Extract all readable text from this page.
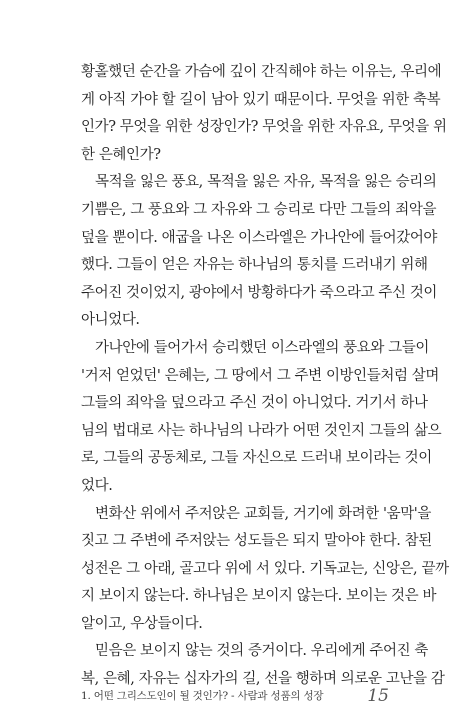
황홀했던 순간을 가슴에 깊이 간직해야 하는 이유는, 우리에
게 아직 가야 할 길이 남아 있기 때문이다. 무엇을 위한 축복
인가? 무엇을 위한 성장인가? 무엇을 위한 자유요, 무엇을 위
한 은혜인가?
목적을 잃은 풍요, 목적을 잃은 자유, 목적을 잃은 승리의
기쁨은, 그 풍요와 그 자유와 그 승리로 다만 그들의 죄악을
덮을 뿐이다. 애굽을 나온 이스라엘은 가나안에 들어갔어야
했다. 그들이 얻은 자유는 하나님의 통치를 드러내기 위해
주어진 것이었지, 광야에서 방황하다가 죽으라고 주신 것이
아니었다.
가나안에 들어가서 승리했던 이스라엘의 풍요와 그들이
'거저 얻었던' 은혜는, 그 땅에서 그 주변 이방인들처럼 살며
그들의 죄악을 덮으라고 주신 것이 아니었다. 거기서 하나
님의 법대로 사는 하나님의 나라가 어떤 것인지 그들의 삶으
로, 그들의 공동체로, 그들 자신으로 드러내 보이라는 것이
었다.
변화산 위에서 주저앉은 교회들, 거기에 화려한 '움막'을
짓고 그 주변에 주저앉는 성도들은 되지 말아야 한다. 참된
성전은 그 아래, 골고다 위에 서 있다. 기독교는, 신앙은, 끝까
지 보이지 않는다. 하나님은 보이지 않는다. 보이는 것은 바
알이고, 우상들이다.
믿음은 보이지 않는 것의 증거이다. 우리에게 주어진 축
복, 은혜, 자유는 십자가의 길, 선을 행하며 의로운 고난을 감
1. 어떤 그리스도인이 될 것인가? - 사람과 성품의 성장	15
